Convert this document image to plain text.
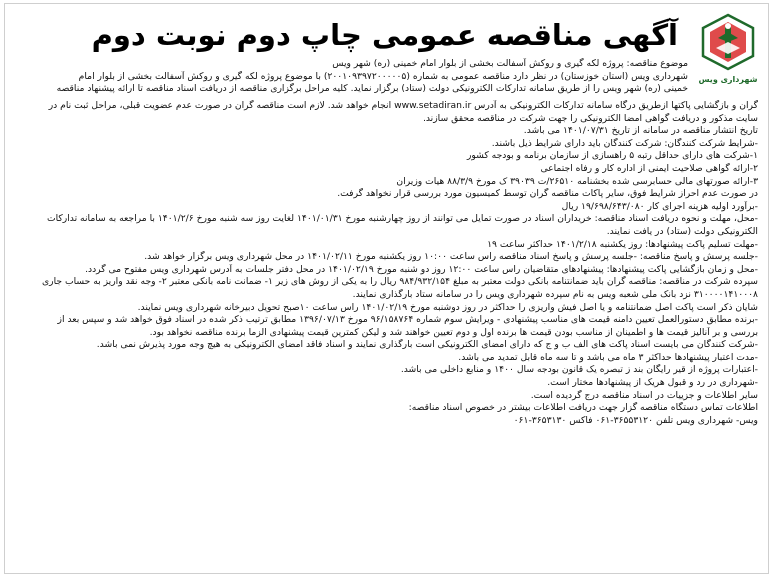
شهرداری ویس
آگهی مناقصه عمومی چاپ دوم نوبت دوم
موضوع مناقصه: پروژه لکه گیری و روکش آسفالت بخشی از بلوار امام خمینی (ره) شهر ویس
شهرداری ویس (استان خوزستان) در نظر دارد مناقصه عمومی به شماره (۲۰۰۱۰۹۳۹۷۲۰۰۰۰۰۵) با موضوع پروژه لکه گیری و روکش آسفالت بخشی از بلوار امام
خمینی (ره) شهر ویس را از طریق سامانه تدارکات الکترونیکی دولت (ستاد) برگزار نماید. کلیه مراحل برگزاری مناقصه از دریافت اسناد مناقصه تا ارائه پیشنهاد مناقصه
گران و بازگشایی پاکتها ازطریق درگاه سامانه تدارکات الکترونیکی به آدرس www.setadiran.ir انجام خواهد شد. لازم است مناقصه گران در صورت عدم عضویت قبلی، مراحل ثبت نام در
سایت مذکور و دریافت گواهی امضا الکترونیکی را جهت شرکت در مناقصه محقق سازند.
تاریخ انتشار مناقصه در سامانه از تاریخ ۱۴۰۱/۰۷/۳۱ می باشد.
-شرایط شرکت کنندگان: شرکت کنندگان باید دارای شرایط ذیل باشند.
۱-شرکت های دارای حداقل رتبه ۵ راهسازی از سازمان برنامه و بودجه کشور
۲-ارائه گواهی صلاحیت ایمنی از اداره کار و رفاه اجتماعی
۳-ارائه صورتهای مالی حسابرسی شده بخشنامه ۲۶۵۱۰/ت ۳۹۰۳۹ ک مورخ ۸۸/۳/۹ هیات وزیران
در صورت عدم احراز شرایط فوق، سایر پاکات مناقصه گران توسط کمیسیون مورد بررسی قرار نخواهد گرفت.
-برآورد اولیه هزینه اجرای کار ۱۹/۶۹۸/۶۴۳/۰۸۰ ریال
-محل، مهلت و نحوه دریافت اسناد مناقصه: خریداران اسناد در صورت تمایل می توانند از روز چهارشنبه مورخ ۱۴۰۱/۰۱/۳۱ لغایت روز سه شنبه مورخ ۱۴۰۱/۲/۶ با مراجعه به سامانه تدارکات
الکترونیکی دولت (ستاد) در یافت نمایند.
-مهلت تسلیم پاکت پیشنهادها: روز یکشنبه ۱۴۰۱/۲/۱۸ حداکثر ساعت ۱۹
-جلسه پرسش و پاسخ مناقصه: -جلسه پرسش و پاسخ اسناد مناقصه راس ساعت ۱۰:۰۰ روز یکشنبه مورخ ۱۴۰۱/۰۲/۱۱ در محل شهرداری ویس برگزار خواهد شد.
-محل و زمان بازگشایی پاکت پیشنهادها: پیشنهادهای متقاضیان راس ساعت ۱۲:۰۰ روز دو شنبه مورخ ۱۴۰۱/۰۲/۱۹ در محل دفتر جلسات به آدرس شهرداری ویس مفتوح می گردد.
سپرده شرکت در مناقصه: مناقصه گران باید ضمانتنامه بانکی دولت معتبر به مبلغ ۹۸۴/۹۳۲/۱۵۴ ریال را به یکی از روش های زیر ۱- ضمانت نامه بانکی معتبر ۲- وجه نقد واریز به حساب جاری
۳۱۰۰۰۰۱۴۱۰۰۰۸ نزد بانک ملی شعبه ویس به نام سپرده شهرداری ویس را در سامانه ستاد بارگذاری نمایند.
شایان ذکر است پاکت اصل ضمانتنامه و یا اصل فیش واریزی را حداکثر در روز دوشنبه مورخ ۱۴۰۱/۰۲/۱۹ راس ساعت ۱۰صبح تحویل دبیرخانه شهرداری ویس نمایند.
-برنده مطابق دستورالعمل تعیین دامنه قیمت های مناسب پیشنهادی - ویرایش سوم شماره ۹۶/۱۵۸۷۶۴ مورخ ۱۳۹۶/۰۷/۱۳ مطابق ترتیب ذکر شده در اسناد فوق خواهد شد و سپس بعد از
بررسی و بر آنالیز قیمت ها و اطمینان از مناسب بودن قیمت ها برنده اول و دوم تعیین خواهند شد و لیکن کمترین قیمت پیشنهادی الزما برنده مناقصه نخواهد بود.
-شرکت کنندگان می بایست اسناد پاکت های الف ب و ج که دارای امضای الکترونیکی است بارگذاری نمایند و اسناد فاقد امضای الکترونیکی به هیچ وجه مورد پذیرش نمی باشد.
-مدت اعتبار پیشنهادها حداکثر ۳ ماه می باشد و تا سه ماه قابل تمدید می باشد.
-اعتبارات پروژه از قیر رایگان بند ز تبصره یک قانون بودجه سال ۱۴۰۰ و منابع داخلی می باشد.
-شهرداری در رد و قبول هریک از پیشنهادها مختار است.
سایر اطلاعات و جزییات در اسناد مناقصه درج گردیده است.
اطلاعات تماس دستگاه مناقصه گزار جهت دریافت اطلاعات بیشتر در خصوص اسناد مناقصه:
ویس- شهرداری ویس تلفن ۳۶۵۵۳۱۲۰-۰۶۱ فاکس ۳۶۵۳۱۳۰-۰۶۱
